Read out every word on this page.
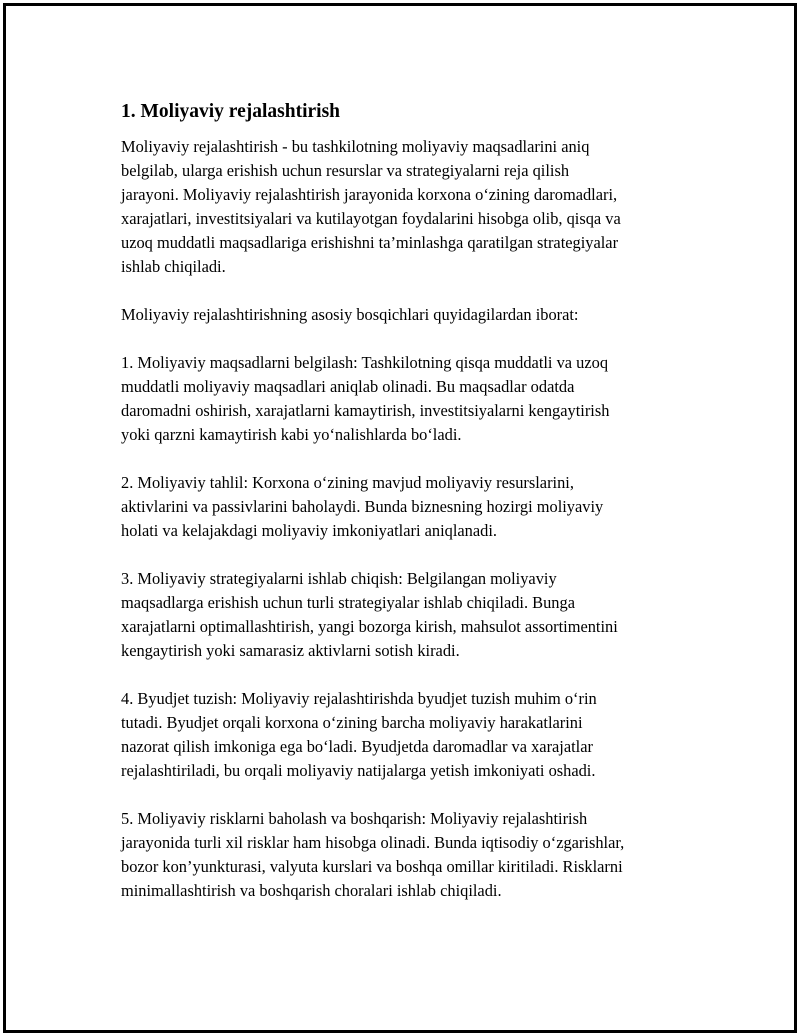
1. Moliyaviy rejalashtirish

Moliyaviy rejalashtirish - bu tashkilotning moliyaviy maqsadlarini aniq
belgilab, ularga erishish uchun resurslar va strategiyalarni reja qilish
jarayoni. Moliyaviy rejalashtirish jarayonida korxona o‘zining daromadlari,
xarajatlari, investitsiyalari va kutilayotgan foydalarini hisobga olib, qisqa va
uzoq muddatli maqsadlariga erishishni ta’minlashga qaratilgan strategiyalar
ishlab chiqiladi.

Moliyaviy rejalashtirishning asosiy bosqichlari quyidagilardan iborat:

1. Moliyaviy maqsadlarni belgilash: Tashkilotning qisqa muddatli va uzoq
muddatli moliyaviy maqsadlari aniqlab olinadi. Bu maqsadlar odatda
daromadni oshirish, xarajatlarni kamaytirish, investitsiyalarni kengaytirish
yoki qarzni kamaytirish kabi yo‘nalishlarda bo‘ladi.

2. Moliyaviy tahlil: Korxona o‘zining mavjud moliyaviy resurslarini,
aktivlarini va passivlarini baholaydi. Bunda biznesning hozirgi moliyaviy
holati va kelajakdagi moliyaviy imkoniyatlari aniqlanadi.

3. Moliyaviy strategiyalarni ishlab chiqish: Belgilangan moliyaviy
maqsadlarga erishish uchun turli strategiyalar ishlab chiqiladi. Bunga
xarajatlarni optimallashtirish, yangi bozorga kirish, mahsulot assortimentini
kengaytirish yoki samarasiz aktivlarni sotish kiradi.

4. Byudjet tuzish: Moliyaviy rejalashtirishda byudjet tuzish muhim o‘rin
tutadi. Byudjet orqali korxona o‘zining barcha moliyaviy harakatlarini
nazorat qilish imkoniga ega bo‘ladi. Byudjetda daromadlar va xarajatlar
rejalashtiriladi, bu orqali moliyaviy natijalarga yetish imkoniyati oshadi.

5. Moliyaviy risklarni baholash va boshqarish: Moliyaviy rejalashtirish
jarayonida turli xil risklar ham hisobga olinadi. Bunda iqtisodiy o‘zgarishlar,
bozor kon’yunkturasi, valyuta kurslari va boshqa omillar kiritiladi. Risklarni
minimallashtirish va boshqarish choralari ishlab chiqiladi.
